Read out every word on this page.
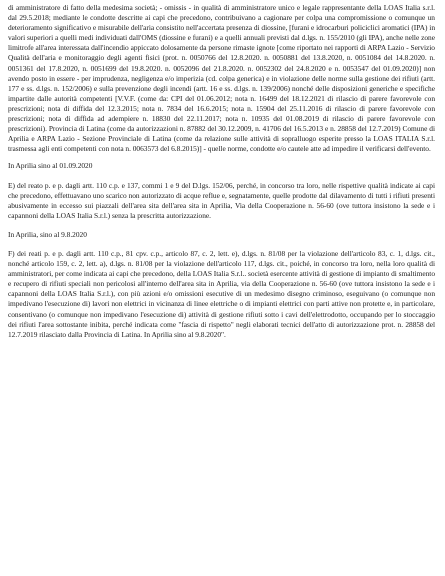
di amministratore di fatto della medesima società; - omissis - in qualità di amministratore unico e legale rappresentante della LOAS Italia s.r.l. dal 29.5.2018; mediante le condotte descritte ai capi che precedono, contribuivano a cagionare per colpa una compromissione o comunque un deterioramento significativo e misurabile dell'aria consistito nell'accertata presenza di diossine, [furani e idrocarburi policiclici aromatici (IPA) in valori superiori a quelli medi individuati dall'OMS (diossine e furani) e a quelli annuali previsti dal d.lgs. n. 155/2010 (gli IPA), anche nelle zone limitrofe all'area interessata dall'incendio appiccato dolosamente da persone rimaste ignote [come riportato nei rapporti di ARPA Lazio - Servizio Qualità dell'aria e monitoraggio degli agenti fisici (prot. n. 0050766 del 12.8.2020. n. 0050881 del 13.8.2020, n. 0051084 del 14.8.2020. n. 0051361 del 17.8.2020, n. 0051699 del 19.8.2020. n. 0052096 del 21.8.2020. n. 0052302 del 24.8.2020 e n. 0053547 del 01.09.2020)] non avendo posto in essere - per imprudenza, negligenza e/o imperizia (cd. colpa generica) e in violazione delle norme sulla gestione dei rifiuti (artt. 177 e ss. d.lgs. n. 152/2006) e sulla prevenzione degli incendi (artt. 16 e ss. d.lgs. n. 139/2006) nonché delle disposizioni generiche e specifiche impartite dalle autorità competenti [V.V.F. (come da: CPI del 01.06.2012; nota n. 16499 del 18.12.2021 di rilascio di parere favorevole con prescrizioni; nota di diffida del 12.3.2015; nota n. 7834 del 16.6.2015; nota n. 15904 del 25.11.2016 di rilascio di parere favorevole con prescrizioni; nota di diffida ad adempiere n. 18830 del 22.11.2017; nota n. 10935 del 01.08.2019 di rilascio di parere favorevole con prescrizioni). Provincia di Latina (come da autorizzazioni n. 87882 del 30.12.2009, n. 41706 del 16.5.2013 e n. 28858 del 12.7.2019) Comune di Aprilia e ARPA Lazio - Sezione Provinciale di Latina (come da relazione sulle attività di sopralluogo esperite presso la LOAS ITALIA S.r.l. trasmessa agli enti competenti con nota n. 0063573 del 6.8.2015)] - quelle norme, condotte e/o cautele atte ad impedire il verificarsi dell'evento.

In Aprilia sino al 01.09.2020

E) del reato p. e p. dagli artt. 110 c.p. e 137, commi 1 e 9 del D.lgs. 152/06, perché, in concorso tra loro, nelle rispettive qualità indicate ai capi che precedono, effettuavano uno scarico non autorizzato di acque reflue e, segnatamente, quelle prodotte dal dilavamento di tutti i rifiuti presenti abusivamente in eccesso sui piazzali dell'area sita dell'area sita in Aprilia, Via della Cooperazione n. 56-60 (ove tuttora insistono la sede e i capannoni della LOAS Italia S.r.l.) senza la prescritta autorizzazione.

In Aprilia, sino al 9.8.2020

F) dei reati p. e p. dagli artt. 110 c.p., 81 cpv. c.p., articolo 87, c. 2, lett. e), d.lgs. n. 81/08 per la violazione dell'articolo 83, c. 1, d.lgs. cit., nonché articolo 159, c. 2, lett. a), d.lgs. n. 81/08 per la violazione dell'articolo 117, d.lgs. cit., poiché, in concorso tra loro, nella loro qualità di amministratori, per come indicata ai capi che precedono, della LOAS Italia S.r.l.. società esercente attività di gestione di impianto di smaltimento e recupero di rifiuti speciali non pericolosi all'interno dell'area sita in Aprilia, via della Cooperazione n. 56-60 (ove tuttora insistono la sede e i capannoni della LOAS Italia S.r.l.), con più azioni e/o omissioni esecutive di un medesimo disegno criminoso, eseguivano (o comunque non impedivano l'esecuzione di) lavori non elettrici in vicinanza di linee elettriche o di impianti elettrici con parti attive non protette e, in particolare, consentivano (o comunque non impedivano l'esecuzione di) attività di gestione rifiuti sotto i cavi dell'elettrodotto, occupando per lo stoccaggio dei rifiuti l'area sottostante inibita, perché indicata come "fascia di rispetto" negli elaborati tecnici dell'atto di autorizzazione prot. n. 28858 del 12.7.2019 rilasciato dalla Provincia di Latina. In Aprilia sino al 9.8.2020".
